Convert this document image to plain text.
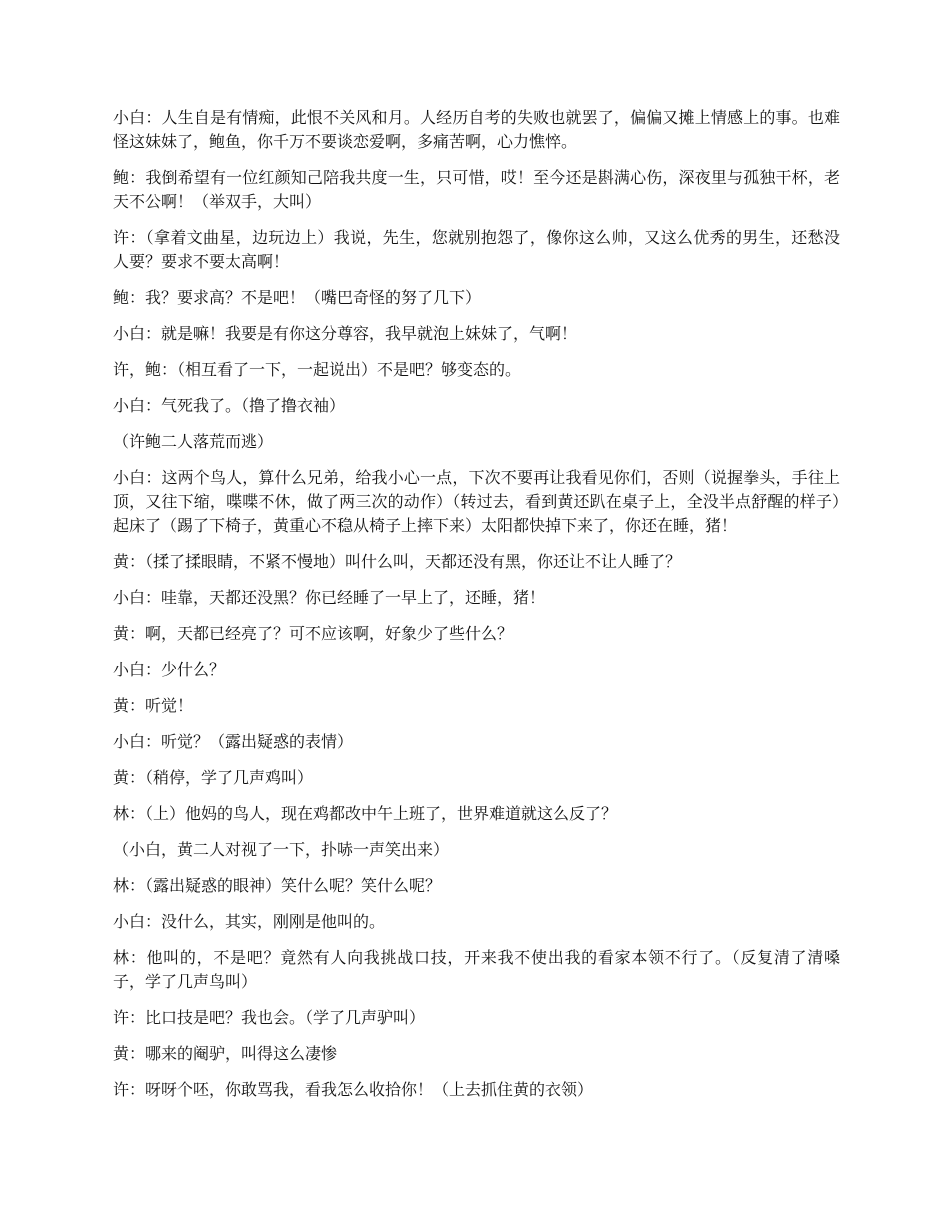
小白：人生自是有情痴，此恨不关风和月。人经历自考的失败也就罢了，偏偏又摊上情感上的事。也难怪这妹妹了，鲍鱼，你千万不要谈恋爱啊，多痛苦啊，心力憔悴。

鲍：我倒希望有一位红颜知己陪我共度一生，只可惜，哎！至今还是斟满心伤，深夜里与孤独干杯，老天不公啊！（举双手，大叫）

许：（拿着文曲星，边玩边上）我说，先生，您就别抱怨了，像你这么帅，又这么优秀的男生，还愁没人要？要求不要太高啊！

鲍：我？要求高？不是吧！（嘴巴奇怪的努了几下）

小白：就是嘛！我要是有你这分尊容，我早就泡上妹妹了，气啊！

许，鲍：（相互看了一下，一起说出）不是吧？够变态的。

小白：气死我了。（撸了撸衣袖）

（许鲍二人落荒而逃）

小白：这两个鸟人，算什么兄弟，给我小心一点，下次不要再让我看见你们，否则（说握拳头，手往上顶，又往下缩，喋喋不休，做了两三次的动作）（转过去，看到黄还趴在桌子上，全没半点舒醒的样子）起床了（踢了下椅子，黄重心不稳从椅子上摔下来）太阳都快掉下来了，你还在睡，猪！

黄：（揉了揉眼睛，不紧不慢地）叫什么叫，天都还没有黑，你还让不让人睡了？

小白：哇靠，天都还没黑？你已经睡了一早上了，还睡，猪！

黄：啊，天都已经亮了？可不应该啊，好象少了些什么？

小白：少什么？

黄：听觉！

小白：听觉？（露出疑惑的表情）

黄：（稍停，学了几声鸡叫）

林：（上）他妈的鸟人，现在鸡都改中午上班了，世界难道就这么反了？

（小白，黄二人对视了一下，扑哧一声笑出来）

林：（露出疑惑的眼神）笑什么呢？笑什么呢？

小白：没什么，其实，刚刚是他叫的。

林：他叫的，不是吧？竟然有人向我挑战口技，开来我不使出我的看家本领不行了。（反复清了清嗓子，学了几声鸟叫）

许：比口技是吧？我也会。（学了几声驴叫）

黄：哪来的阉驴，叫得这么凄惨

许：呀呀个呸，你敢骂我，看我怎么收拾你！（上去抓住黄的衣领）
